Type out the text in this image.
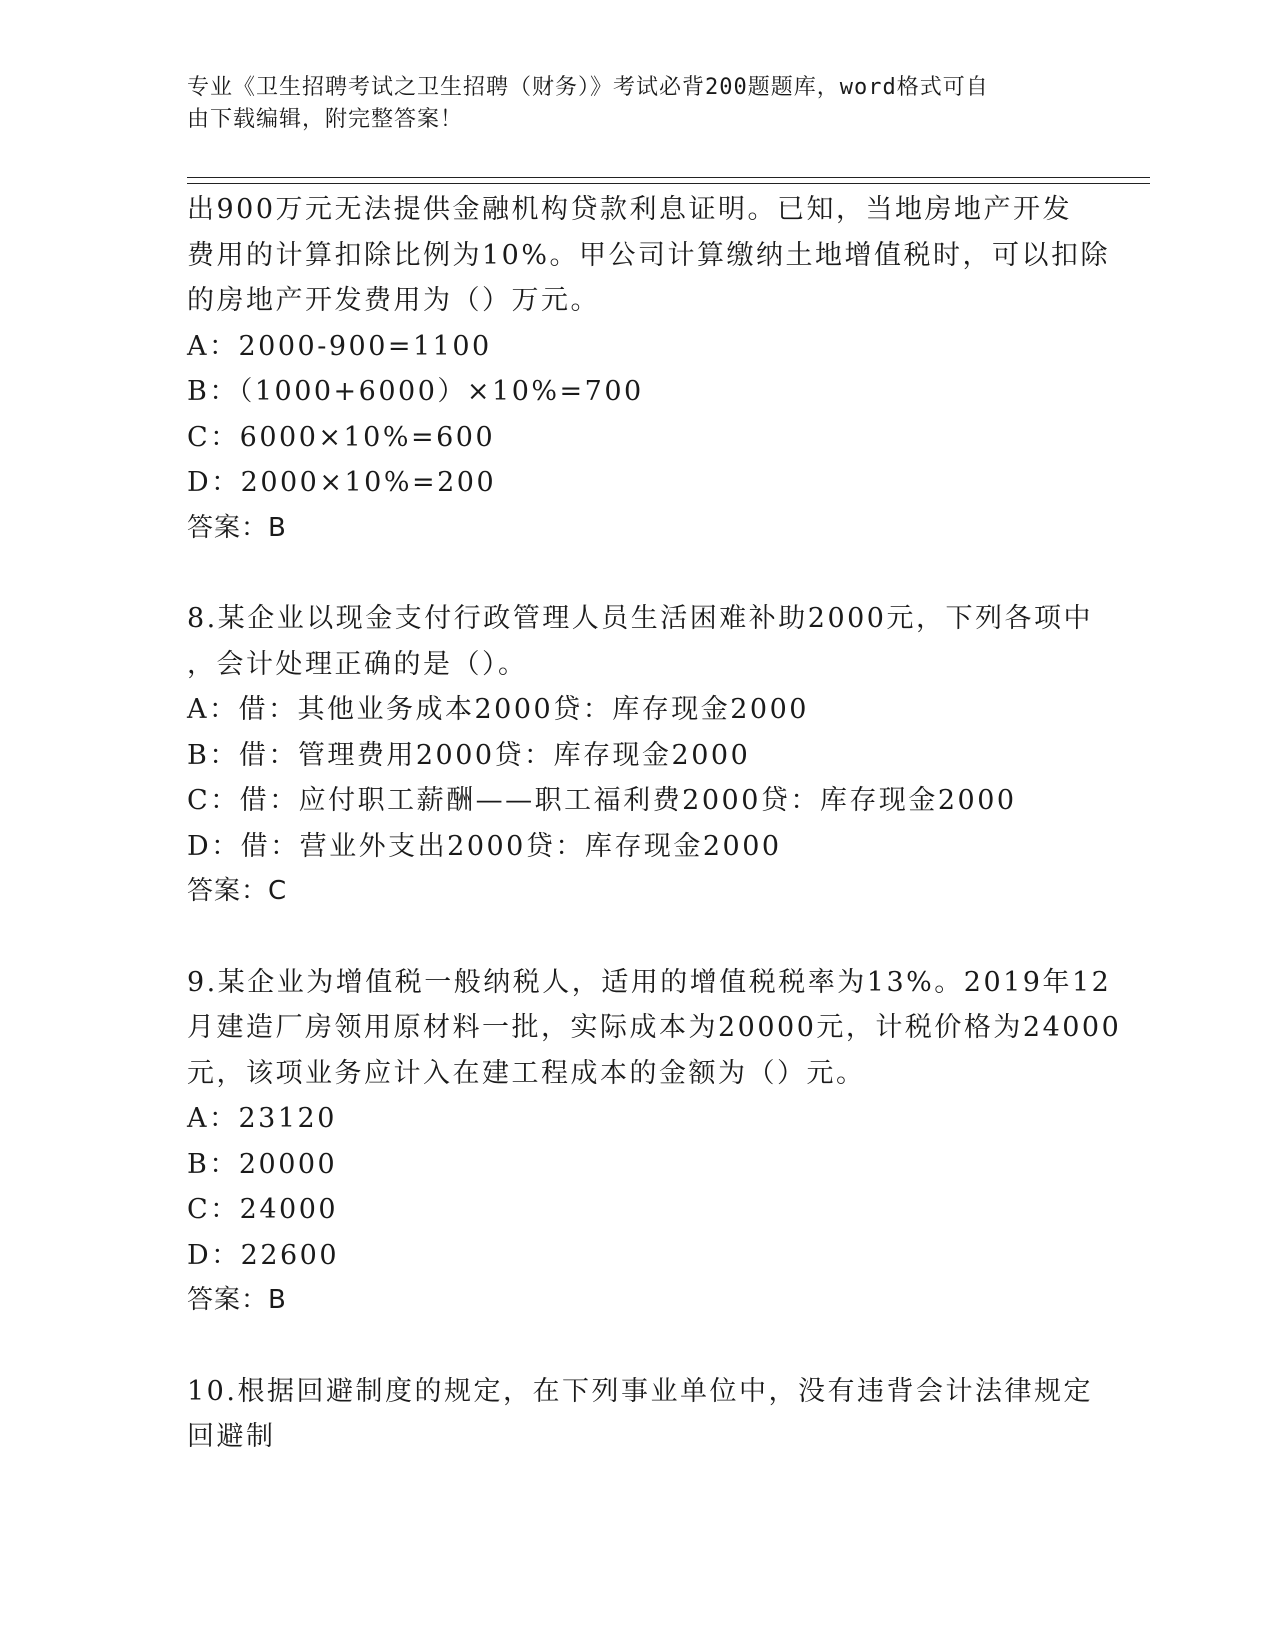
专业《卫生招聘考试之卫生招聘（财务）》考试必背200题题库，word格式可自
由下载编辑，附完整答案！
出900万元无法提供金融机构贷款利息证明。已知，当地房地产开发
费用的计算扣除比例为10%。甲公司计算缴纳土地增值税时，可以扣除
的房地产开发费用为（）万元。
A：2000-900=1100
B：（1000+6000）×10%=700
C：6000×10%=600
D：2000×10%=200
答案：B
8.某企业以现金支付行政管理人员生活困难补助2000元，下列各项中
，会计处理正确的是（）。
A：借：其他业务成本2000贷：库存现金2000
B：借：管理费用2000贷：库存现金2000
C：借：应付职工薪酬——职工福利费2000贷：库存现金2000
D：借：营业外支出2000贷：库存现金2000
答案：C
9.某企业为增值税一般纳税人，适用的增值税税率为13%。2019年12
月建造厂房领用原材料一批，实际成本为20000元，计税价格为24000
元，该项业务应计入在建工程成本的金额为（）元。
A：23120
B：20000
C：24000
D：22600
答案：B
10.根据回避制度的规定，在下列事业单位中，没有违背会计法律规定
回避制
